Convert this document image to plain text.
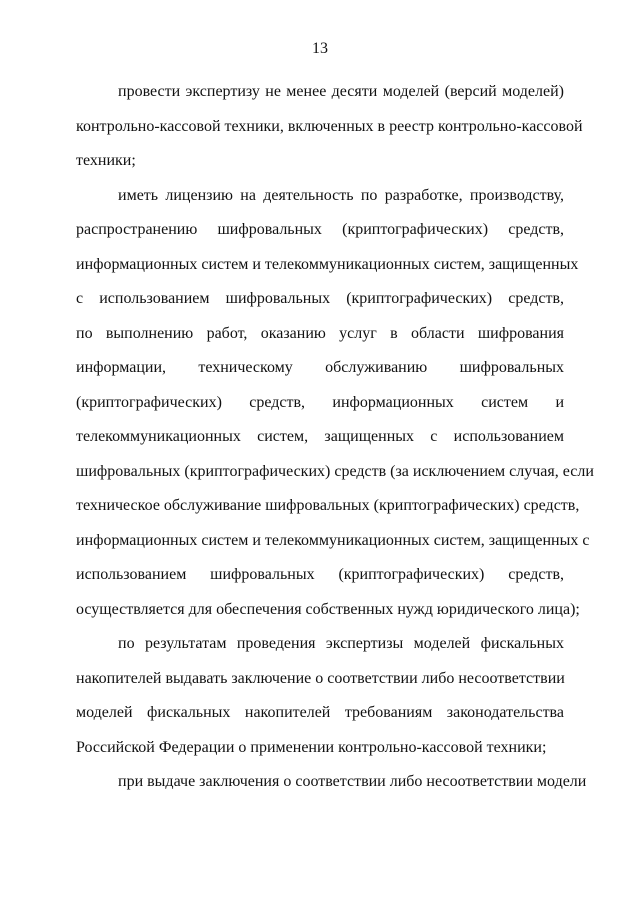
13
провести экспертизу не менее десяти моделей (версий моделей)
контрольно-кассовой техники, включенных в реестр контрольно-кассовой
техники;
иметь лицензию на деятельность по разработке, производству,
распространению шифровальных (криптографических) средств,
информационных систем и телекоммуникационных систем, защищенных
с использованием шифровальных (криптографических) средств,
по выполнению работ, оказанию услуг в области шифрования
информации, техническому обслуживанию шифровальных
(криптографических) средств, информационных систем и
телекоммуникационных систем, защищенных с использованием
шифровальных (криптографических) средств (за исключением случая, если
техническое обслуживание шифровальных (криптографических) средств,
информационных систем и телекоммуникационных систем, защищенных с
использованием шифровальных (криптографических) средств,
осуществляется для обеспечения собственных нужд юридического лица);
по результатам проведения экспертизы моделей фискальных
накопителей выдавать заключение о соответствии либо несоответствии
моделей фискальных накопителей требованиям законодательства
Российской Федерации о применении контрольно-кассовой техники;
при выдаче заключения о соответствии либо несоответствии модели
